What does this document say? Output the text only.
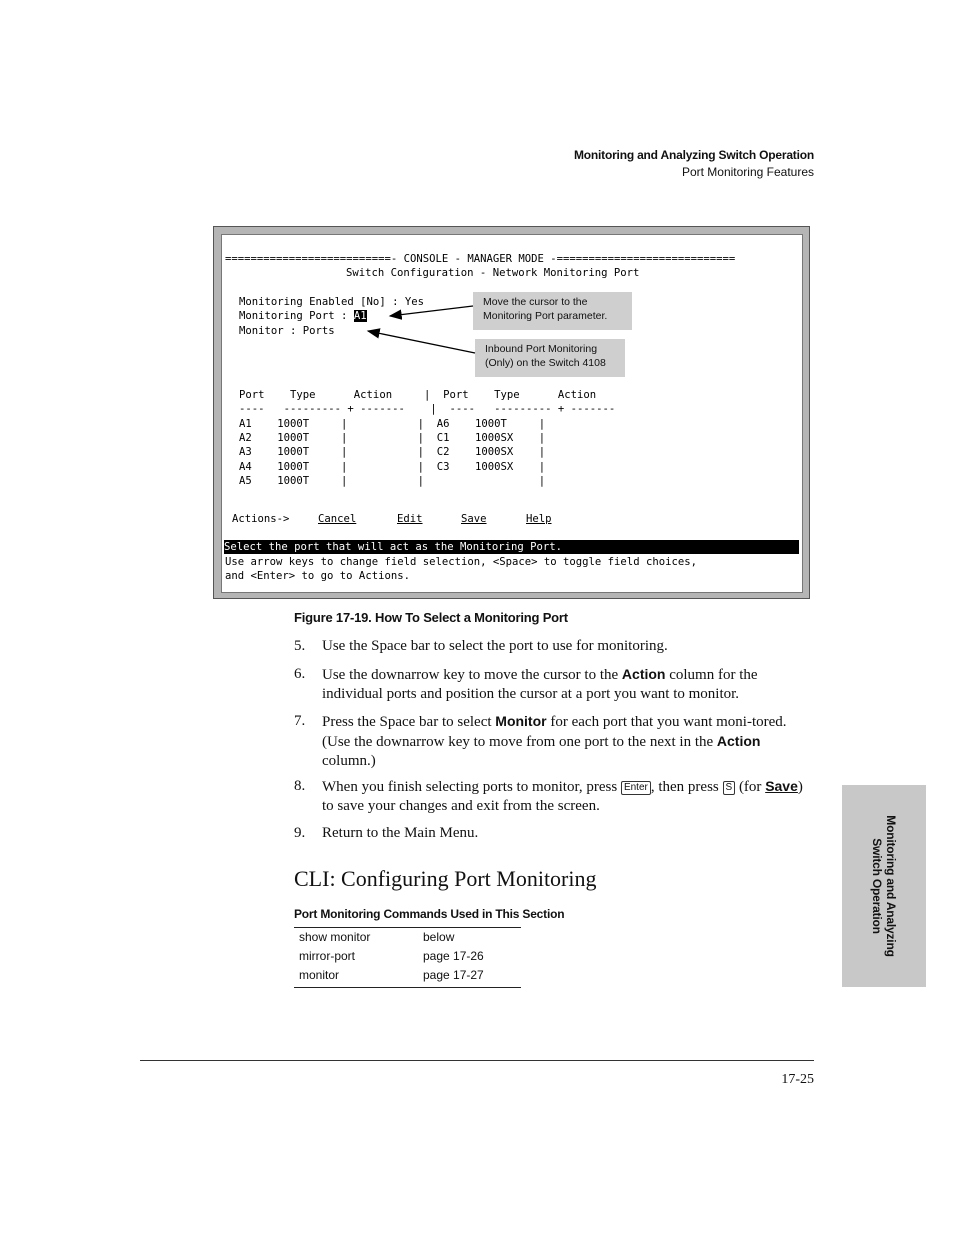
Monitoring and Analyzing Switch Operation
Port Monitoring Features
==========================- CONSOLE - MANAGER MODE -============================
Switch Configuration - Network Monitoring Port
Monitoring Enabled [No] : Yes
Monitoring Port : A1
Monitor : Ports
Port    Type      Action     |  Port    Type      Action
----   --------- + -------    |  ----   --------- + -------
A1    1000T     |           |  A6    1000T     |
A2    1000T     |           |  C1    1000SX    |
A3    1000T     |           |  C2    1000SX    |
A4    1000T     |           |  C3    1000SX    |
A5    1000T     |           |                  |
Actions->	Cancel	Edit	Save	Help
Select the port that will act as the Monitoring Port.
Use arrow keys to change field selection, <Space> to toggle field choices,
and <Enter> to go to Actions.
Move the cursor to the
Monitoring Port parameter.
Inbound Port Monitoring
(Only) on the Switch 4108
Figure 17-19. How To Select a Monitoring Port
5. Use the Space bar to select the port to use for monitoring.
6. Use the downarrow key to move the cursor to the Action column for the individual ports and position the cursor at a port you want to monitor.
7. Press the Space bar to select Monitor for each port that you want moni-tored. (Use the downarrow key to move from one port to the next in the Action column.)
8. When you finish selecting ports to monitor, press Enter , then press S (for Save) to save your changes and exit from the screen.
9. Return to the Main Menu.
CLI: Configuring Port Monitoring
Port Monitoring Commands Used in This Section
show monitor	below
mirror-port	page 17-26
monitor	page 17-27
17-25
Monitoring and Analyzing
Switch Operation
